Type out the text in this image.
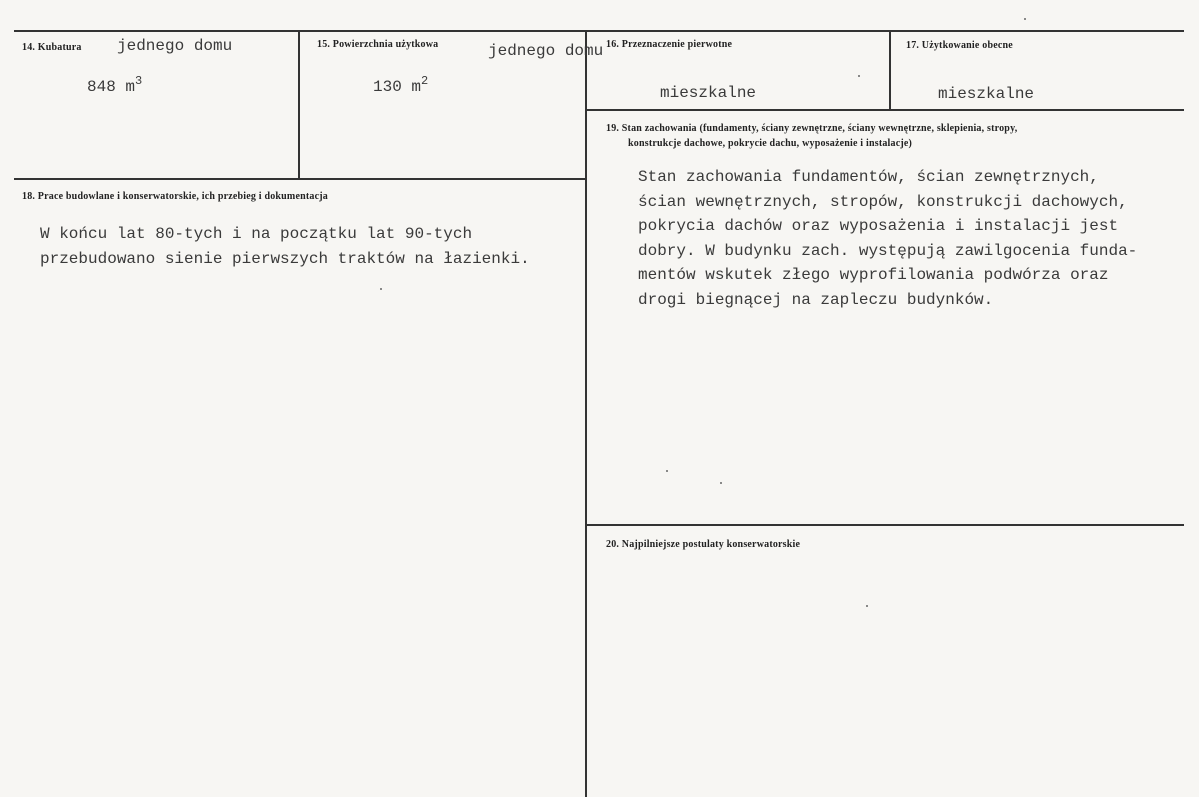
14. Kubatura jednego domu
848 $m^3$
15. Powierzchnia użytkowa	jednego domu
130 $m^2$
16. Przeznaczenie pierwotne
mieszkalne
17. Użytkowanie obecne
mieszkalne
18. Prace budowlane i konserwatorskie, ich przebieg i dokumentacja
W końcu lat 80-tych i na początku lat 90-tych
przebudowano sienie pierwszych traktów na łazienki.
19. Stan zachowania (fundamenty, ściany zewnętrzne, ściany wewnętrzne, sklepienia, stropy,
konstrukcje dachowe, pokrycie dachu, wyposażenie i instalacje)
Stan zachowania fundamentów, ścian zewnętrznych,
ścian wewnętrznych, stropów, konstrukcji dachowych,
pokrycia dachów oraz wyposażenia i instalacji jest
dobry. W budynku zach. występują zawilgocenia funda-
mentów wskutek złego wyprofilowania podwórza oraz
drogi biegnącej na zapleczu budynków.
20. Najpilniejsze postulaty konserwatorskie
